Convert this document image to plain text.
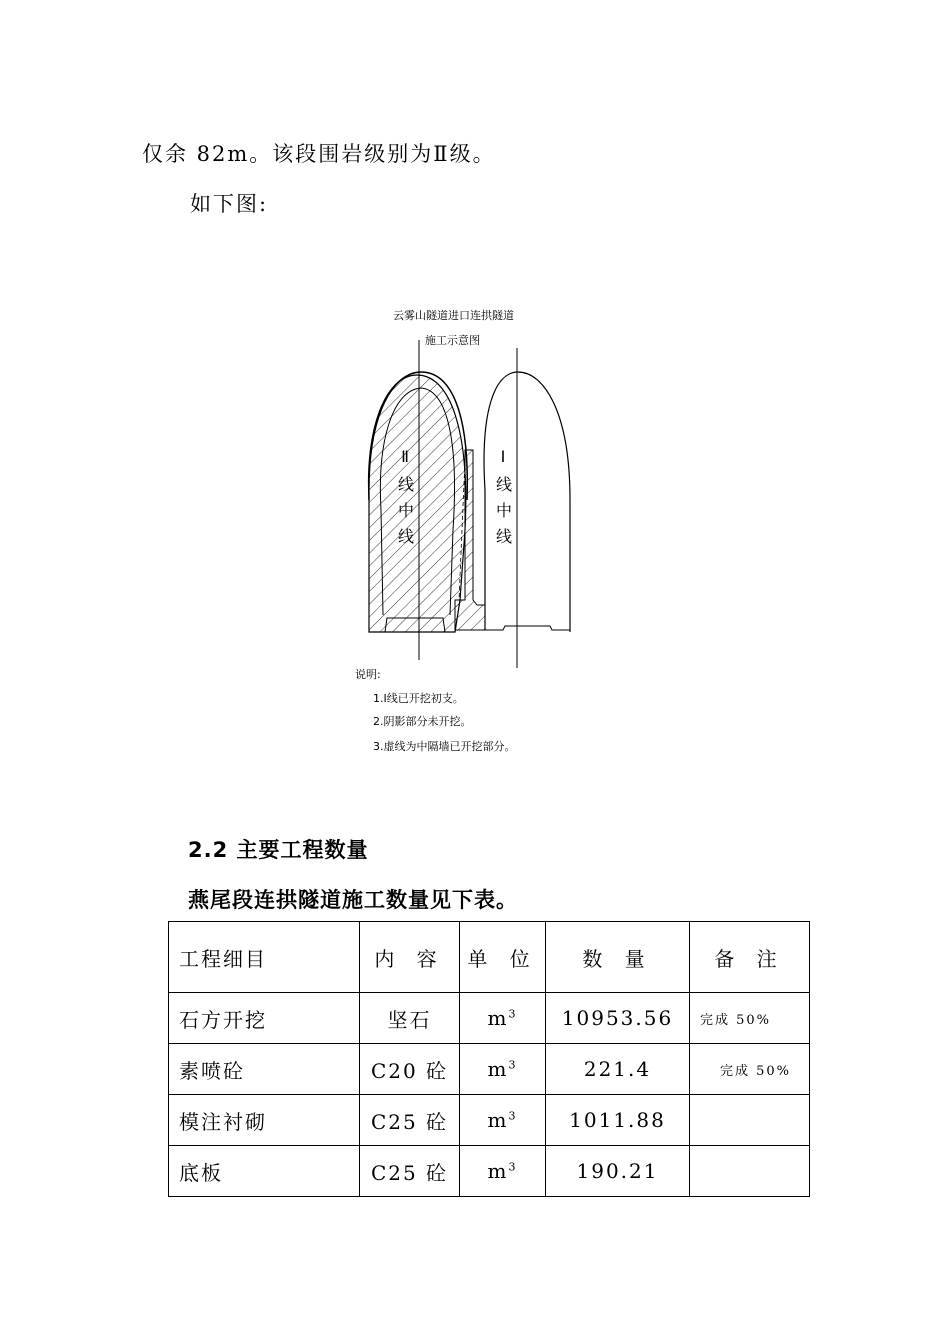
仅余 82m。该段围岩级别为Ⅱ级。
如下图:
云雾山隧道进口连拱隧道
施工示意图
Ⅱ线中线	Ⅰ线中线
说明:
1.Ⅰ线已开挖初支。
2.阴影部分未开挖。
3.虚线为中隔墙已开挖部分。
2.2 主要工程数量
燕尾段连拱隧道施工数量见下表。
工程细目	内 容	单 位	数 量	备 注
石方开挖	坚石	$m^3$	10953.56	完成 50%
素喷砼	C20 砼	$m^3$	221.4	完成 50%
模注衬砌	C25 砼	$m^3$	1011.88	
底板	C25 砼	$m^3$	190.21	
